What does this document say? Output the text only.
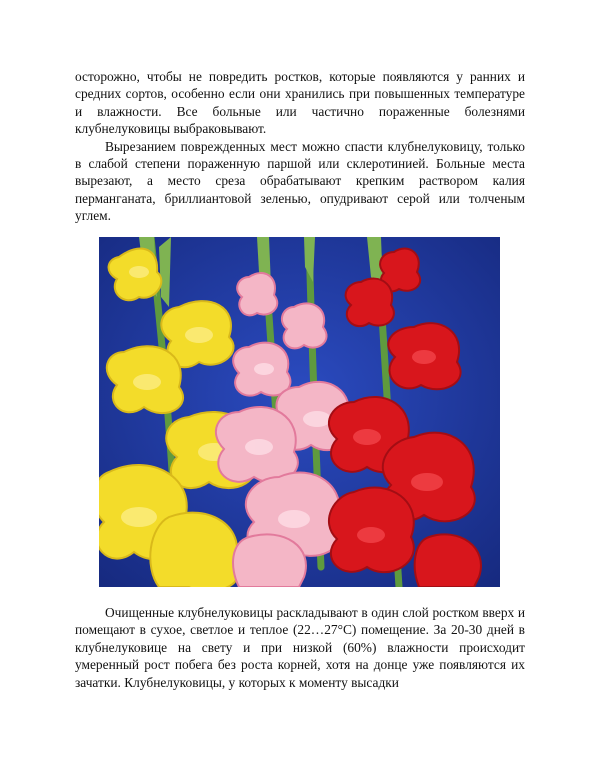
осторожно, чтобы не повредить ростков, которые появляются у ранних и средних сортов, особенно если они хранились при повышенных температуре и влажности. Все больные или частично пораженные болезнями клубнелуковицы выбраковывают.

Вырезанием поврежденных мест можно спасти клубнелуковицу, только в слабой степени пораженную паршой или склеротинией. Больные места вырезают, а место среза обрабатывают крепким раствором калия перманганата, бриллиантовой зеленью, опудривают серой или толченым углем.

Очищенные клубнелуковицы раскладывают в один слой ростком вверх и помещают в сухое, светлое и теплое (22…27°С) помещение. За 20-30 дней в клубнелуковице на свету и при низкой (60%) влажности происходит умеренный рост побега без роста корней, хотя на донце уже появляются их зачатки. Клубнелуковицы, у которых к моменту высадки
